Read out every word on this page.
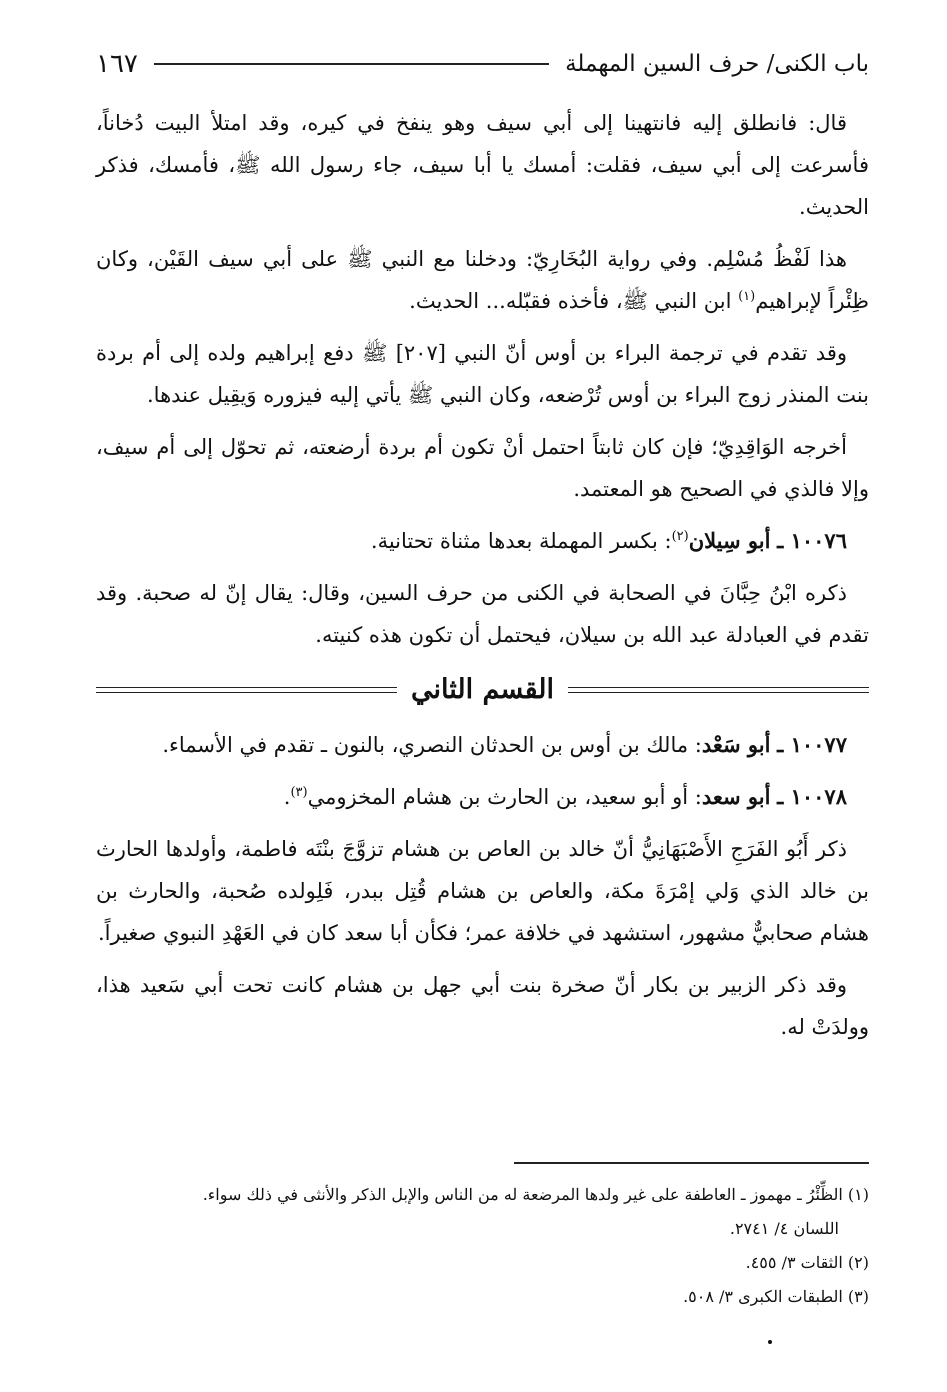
باب الكنى/ حرف السين المهملة
١٦٧

قال: فانطلق إليه فانتهينا إلى أبي سيف وهو ينفخ في كيره، وقد امتلأ البيت دُخاناً، فأسرعت إلى أبي سيف، فقلت: أمسك يا أبا سيف، جاء رسول الله ﷺ، فأمسك، فذكر الحديث.

هذا لَفْظُ مُسْلِم. وفي رواية البُخَارِيّ: ودخلنا مع النبي ﷺ على أبي سيف القَيْن، وكان ظِئْراً لإبراهيم$^{(١)}$ ابن النبي ﷺ، فأخذه فقبّله... الحديث.

وقد تقدم في ترجمة البراء بن أوس أنّ النبي [٢٠٧] ﷺ دفع إبراهيم ولده إلى أم بردة بنت المنذر زوج البراء بن أوس تُرْضعه، وكان النبي ﷺ يأتي إليه فيزوره وَيقِيل عندها.

أخرجه الوَاقِدِيّ؛ فإن كان ثابتاً احتمل أنْ تكون أم بردة أرضعته، ثم تحوّل إلى أم سيف، وإلا فالذي في الصحيح هو المعتمد.

١٠٠٧٦ ـ أبو سِيلان$^{(٢)}$: بكسر المهملة بعدها مثناة تحتانية.

ذكره ابْنُ حِبَّانَ في الصحابة في الكنى من حرف السين، وقال: يقال إنّ له صحبة. وقد تقدم في العبادلة عبد الله بن سيلان، فيحتمل أن تكون هذه كنيته.

القسم الثاني

١٠٠٧٧ ـ أبو سَعْد: مالك بن أوس بن الحدثان النصري، بالنون ـ تقدم في الأسماء.

١٠٠٧٨ ـ أبو سعد: أو أبو سعيد، بن الحارث بن هشام المخزومي$^{(٣)}$.

ذكر أَبُو الفَرَجِ الأَصْبَهَانِيُّ أنّ خالد بن العاص بن هشام تزوَّجَ بنْتَه فاطمة، وأولدها الحارث بن خالد الذي وَلي إمْرَةَ مكة، والعاص بن هشام قُتِل ببدر، فَلِولده صُحبة، والحارث بن هشام صحابيٌّ مشهور، استشهد في خلافة عمر؛ فكأن أبا سعد كان في العَهْدِ النبوي صغيراً.

وقد ذكر الزبير بن بكار أنّ صخرة بنت أبي جهل بن هشام كانت تحت أبي سَعيد هذا، وولدَتْ له.

(١) الظِّئْرُ ـ مهموز ـ العاطفة على غير ولدها المرضعة له من الناس والإبل الذكر والأنثى في ذلك سواء.

اللسان ٤/ ٢٧٤١.

(٢) الثقات ٣/ ٤٥٥.

(٣) الطبقات الكبرى ٣/ ٥٠٨.
